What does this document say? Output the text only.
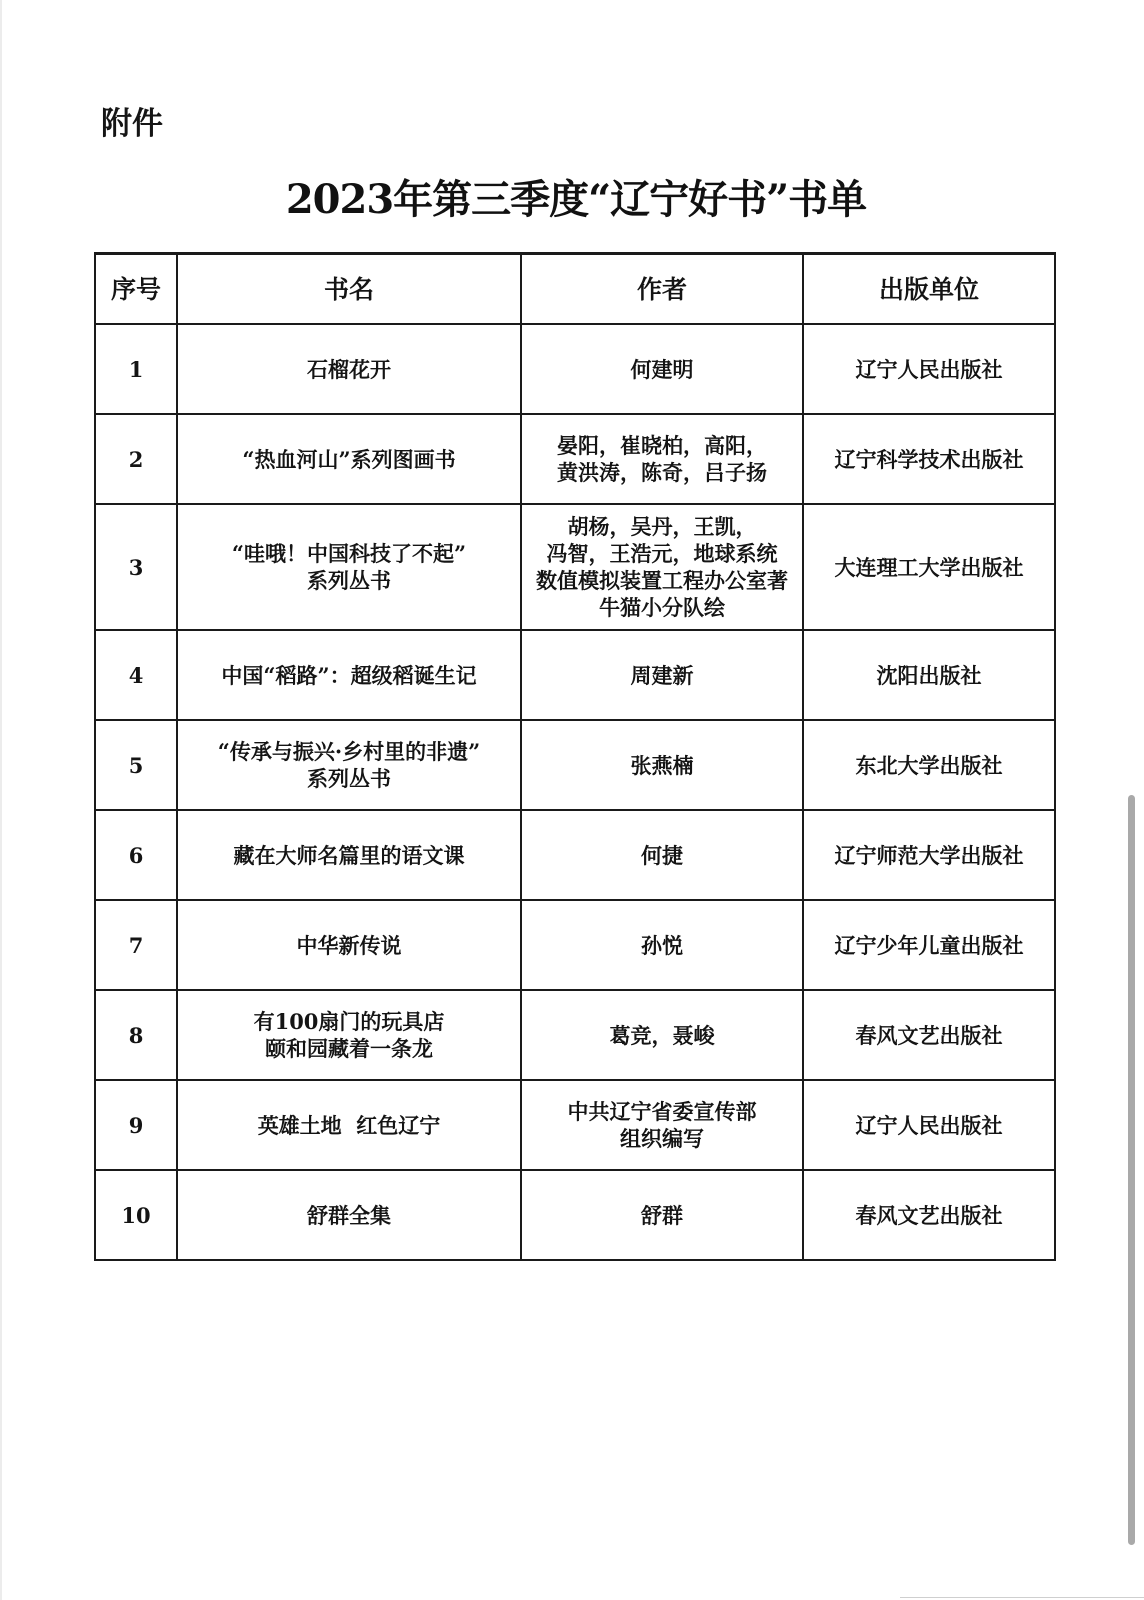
附件
2023年第三季度“辽宁好书”书单
序号	书名	作者	出版单位
1	石榴花开	何建明	辽宁人民出版社
2	“热血河山”系列图画书	晏阳，崔晓柏，高阳，
黄洪涛，陈奇，吕子扬	辽宁科学技术出版社
3	“哇哦！中国科技了不起”
系列丛书	胡杨，吴丹，王凯，
冯智，王浩元，地球系统
数值模拟装置工程办公室著
牛猫小分队绘	大连理工大学出版社
4	中国“稻路”：超级稻诞生记	周建新	沈阳出版社
5	“传承与振兴·乡村里的非遗”
系列丛书	张燕楠	东北大学出版社
6	藏在大师名篇里的语文课	何捷	辽宁师范大学出版社
7	中华新传说	孙悦	辽宁少年儿童出版社
8	有100扇门的玩具店
颐和园藏着一条龙	葛竞，聂峻	春风文艺出版社
9	英雄土地  红色辽宁	中共辽宁省委宣传部
组织编写	辽宁人民出版社
10	舒群全集	舒群	春风文艺出版社
